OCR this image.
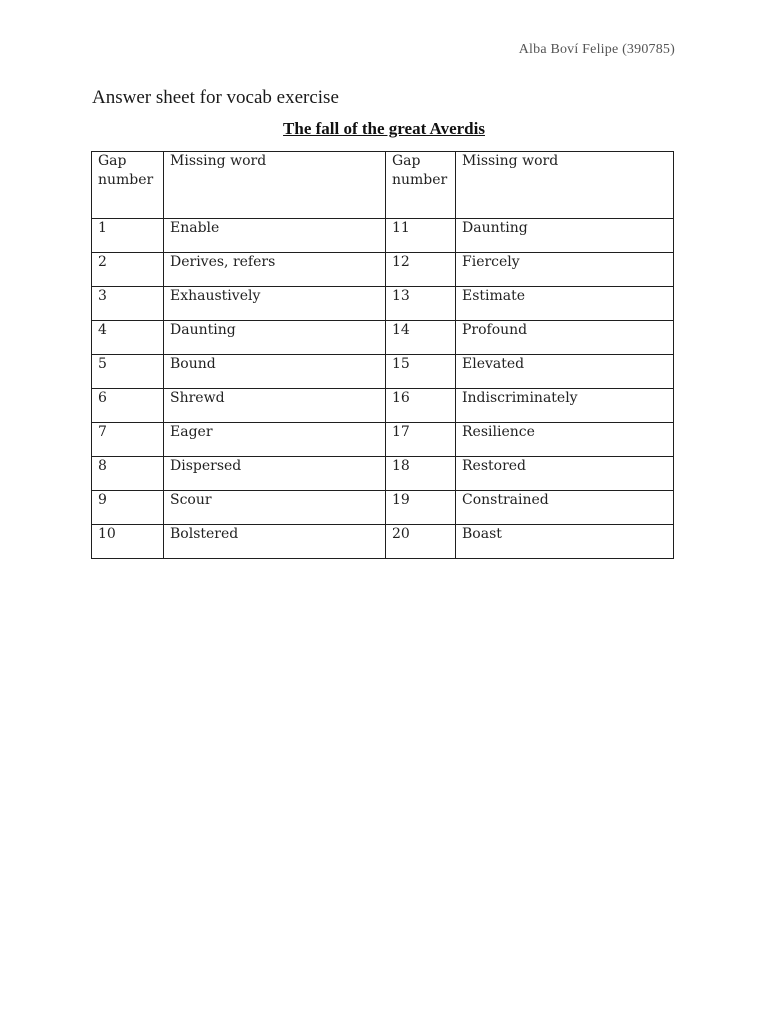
Alba Boví Felipe (390785)
Answer sheet for vocab exercise
The fall of the great Averdis
Gap number	Missing word	Gap number	Missing word
1	Enable	11	Daunting
2	Derives, refers	12	Fiercely
3	Exhaustively	13	Estimate
4	Daunting	14	Profound
5	Bound	15	Elevated
6	Shrewd	16	Indiscriminately
7	Eager	17	Resilience
8	Dispersed	18	Restored
9	Scour	19	Constrained
10	Bolstered	20	Boast
